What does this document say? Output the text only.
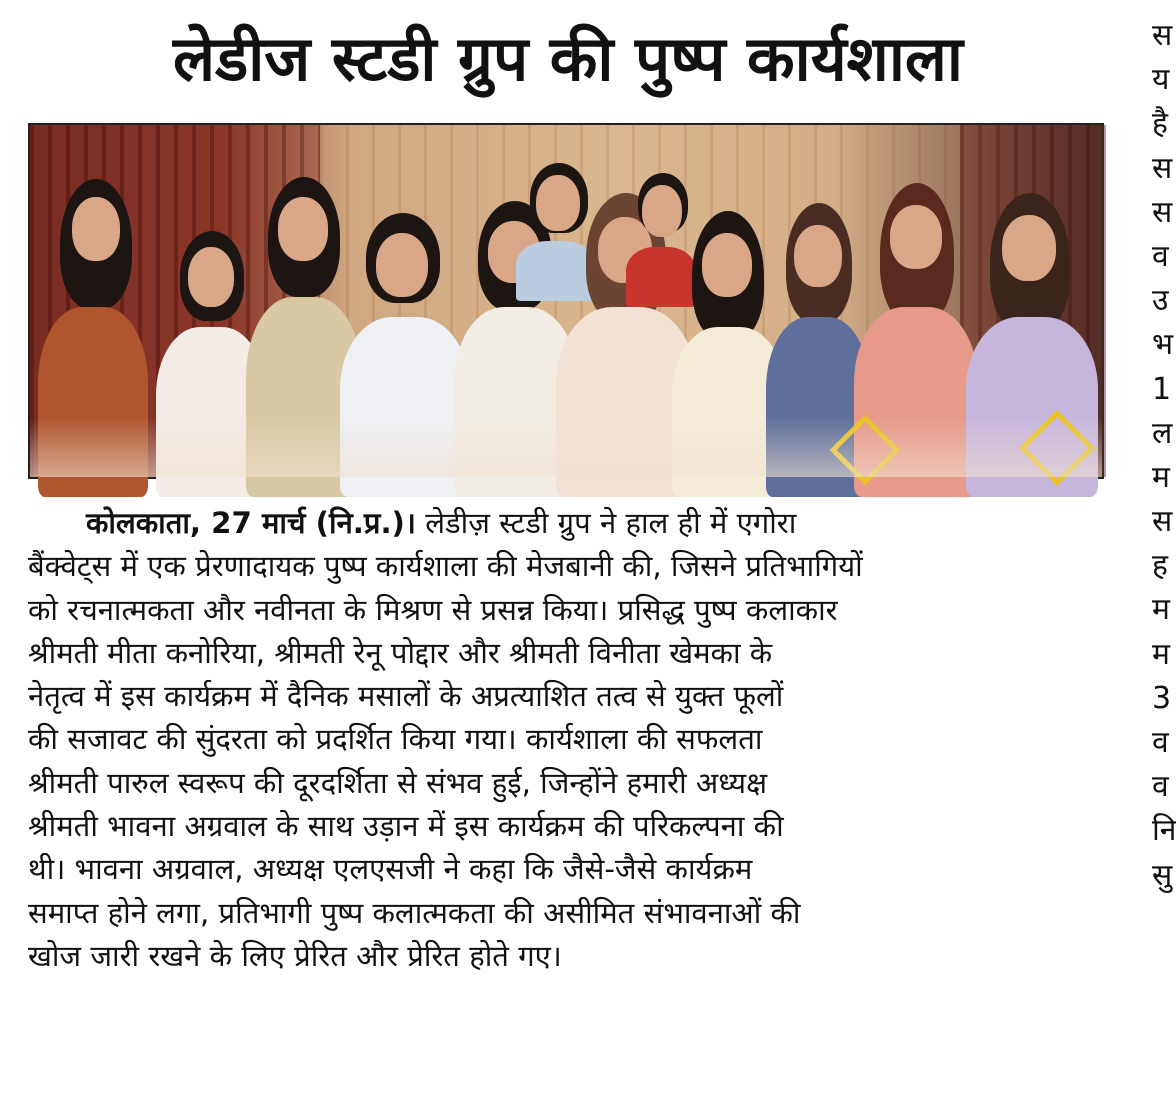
लेडीज स्टडी ग्रुप की पुष्प कार्यशाला
कोलकाता, 27 मार्च (नि.प्र.)। लेडीज़ स्टडी ग्रुप ने हाल ही में एगोरा
बैंक्वेट्स में एक प्रेरणादायक पुष्प कार्यशाला की मेजबानी की, जिसने प्रतिभागियों
को रचनात्मकता और नवीनता के मिश्रण से प्रसन्न किया। प्रसिद्ध पुष्प कलाकार
श्रीमती मीता कनोरिया, श्रीमती रेनू पोद्दार और श्रीमती विनीता खेमका के
नेतृत्व में इस कार्यक्रम में दैनिक मसालों के अप्रत्याशित तत्व से युक्त फूलों
की सजावट की सुंदरता को प्रदर्शित किया गया। कार्यशाला की सफलता
श्रीमती पारुल स्वरूप की दूरदर्शिता से संभव हुई, जिन्होंने हमारी अध्यक्ष
श्रीमती भावना अग्रवाल के साथ उड़ान में इस कार्यक्रम की परिकल्पना की
थी। भावना अग्रवाल, अध्यक्ष एलएसजी ने कहा कि जैसे-जैसे कार्यक्रम
समाप्त होने लगा, प्रतिभागी पुष्प कलात्मकता की असीमित संभावनाओं की
खोज जारी रखने के लिए प्रेरित और प्रेरित होते गए।
स
य
है
स
स
व
उ
भ
1
ल
म
स
ह
म
म
3
व
व
नि
सु
